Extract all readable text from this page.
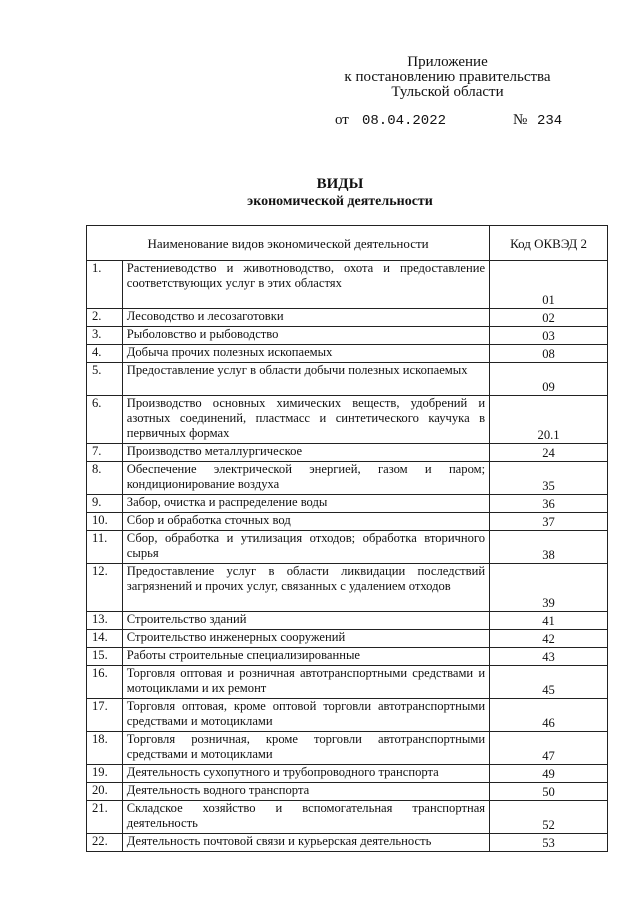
Приложение
к постановлению правительства
Тульской области
от 08.04.2022	№ 234
ВИДЫ
экономической деятельности
Наименование видов экономической деятельности		Код ОКВЭД 2
1.	Растениеводство и животноводство, охота и предоставление соответствующих услуг в этих областях	01
2.	Лесоводство и лесозаготовки	02
3.	Рыболовство и рыбоводство	03
4.	Добыча прочих полезных ископаемых	08
5.	Предоставление услуг в области добычи полезных ископаемых	09
6.	Производство основных химических веществ, удобрений и азотных соединений, пластмасс и синтетического каучука в первичных формах	20.1
7.	Производство металлургическое	24
8.	Обеспечение электрической энергией, газом и паром; кондиционирование воздуха	35
9.	Забор, очистка и распределение воды	36
10.	Сбор и обработка сточных вод	37
11.	Сбор, обработка и утилизация отходов; обработка вторичного сырья	38
12.	Предоставление услуг в области ликвидации последствий загрязнений и прочих услуг, связанных с удалением отходов	39
13.	Строительство зданий	41
14.	Строительство инженерных сооружений	42
15.	Работы строительные специализированные	43
16.	Торговля оптовая и розничная автотранспортными средствами и мотоциклами и их ремонт	45
17.	Торговля оптовая, кроме оптовой торговли автотранспортными средствами и мотоциклами	46
18.	Торговля розничная, кроме торговли автотранспортными средствами и мотоциклами	47
19.	Деятельность сухопутного и трубопроводного транспорта	49
20.	Деятельность водного транспорта	50
21.	Складское хозяйство и вспомогательная транспортная деятельность	52
22.	Деятельность почтовой связи и курьерская деятельность	53
